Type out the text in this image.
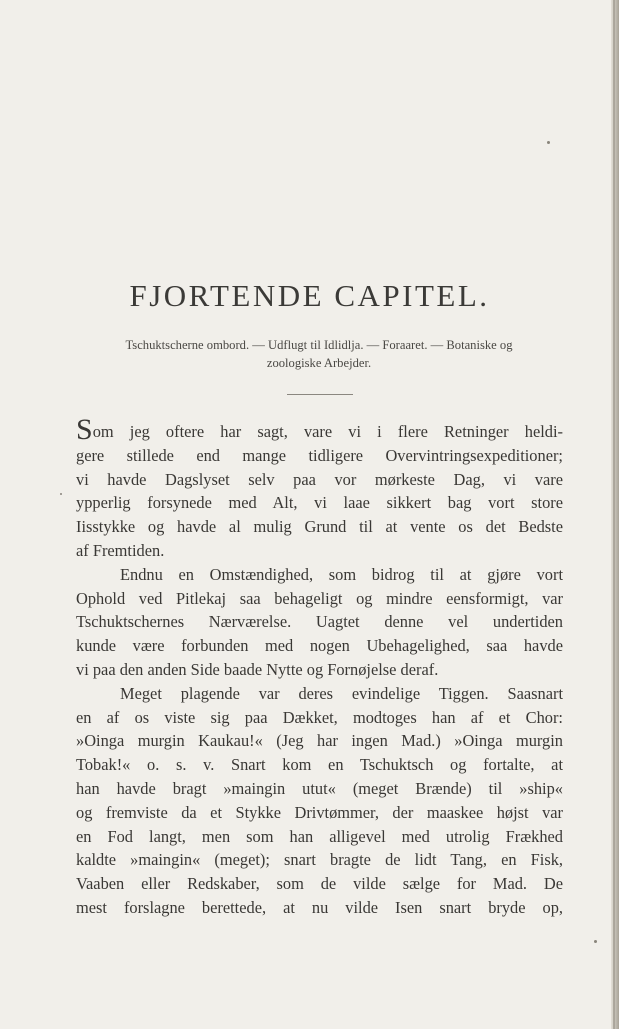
FJORTENDE CAPITEL.

Tschuktscherne ombord. — Udflugt til Idlidlja. — Foraaret. — Botaniske og
zoologiske Arbejder.

Som jeg oftere har sagt, vare vi i flere Retninger heldi-
gere stillede end mange tidligere Overvintringsexpeditioner;
vi havde Dagslyset selv paa vor mørkeste Dag, vi vare
ypperlig forsynede med Alt, vi laae sikkert bag vort store
Iisstykke og havde al mulig Grund til at vente os det Bedste
af Fremtiden.
Endnu en Omstændighed, som bidrog til at gjøre vort
Ophold ved Pitlekaj saa behageligt og mindre eensformigt, var
Tschuktschernes Nærværelse. Uagtet denne vel undertiden
kunde være forbunden med nogen Ubehagelighed, saa havde
vi paa den anden Side baade Nytte og Fornøjelse deraf.
Meget plagende var deres evindelige Tiggen. Saasnart
en af os viste sig paa Dækket, modtoges han af et Chor:
»Oinga murgin Kaukau!« (Jeg har ingen Mad.) »Oinga murgin
Tobak!« o. s. v. Snart kom en Tschuktsch og fortalte, at
han havde bragt »maingin utut« (meget Brænde) til »ship«
og fremviste da et Stykke Drivtømmer, der maaskee højst var
en Fod langt, men som han alligevel med utrolig Frækhed
kaldte »maingin« (meget); snart bragte de lidt Tang, en Fisk,
Vaaben eller Redskaber, som de vilde sælge for Mad. De
mest forslagne berettede, at nu vilde Isen snart bryde op,
